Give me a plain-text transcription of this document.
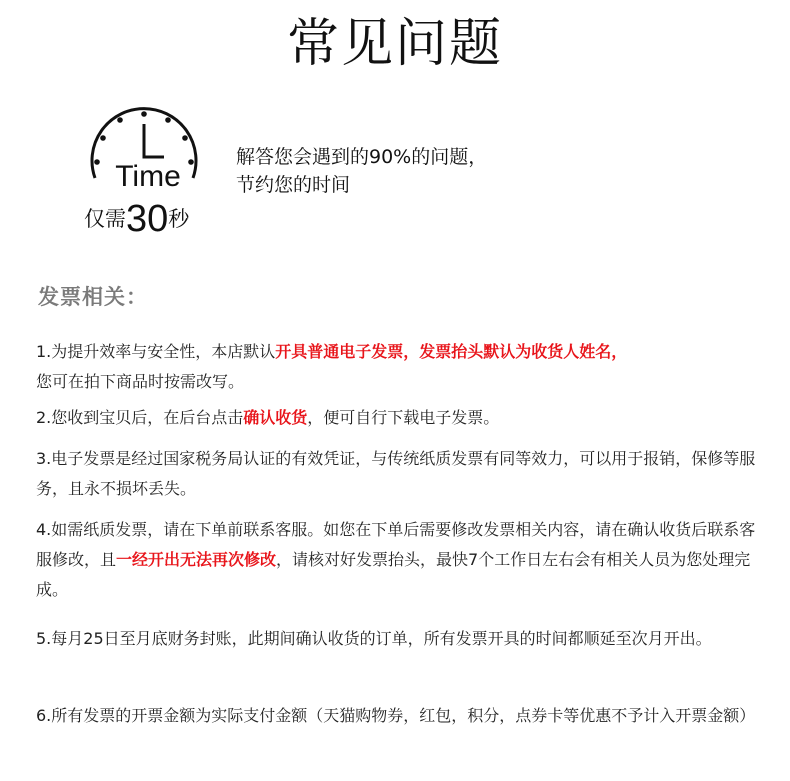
常见问题
Time
仅需30秒
解答您会遇到的90%的问题，
节约您的时间
发票相关：
1.为提升效率与安全性，本店默认开具普通电子发票，发票抬头默认为收货人姓名，
您可在拍下商品时按需改写。
2.您收到宝贝后，在后台点击确认收货，便可自行下载电子发票。
3.电子发票是经过国家税务局认证的有效凭证，与传统纸质发票有同等效力，可以用于报销，保修等服务，且永不损坏丢失。
4.如需纸质发票，请在下单前联系客服。如您在下单后需要修改发票相关内容，请在确认收货后联系客服修改，且一经开出无法再次修改，请核对好发票抬头，最快7个工作日左右会有相关人员为您处理完成。
5.每月25日至月底财务封账，此期间确认收货的订单，所有发票开具的时间都顺延至次月开出。
6.所有发票的开票金额为实际支付金额（天猫购物券，红包，积分，点券卡等优惠不予计入开票金额）
